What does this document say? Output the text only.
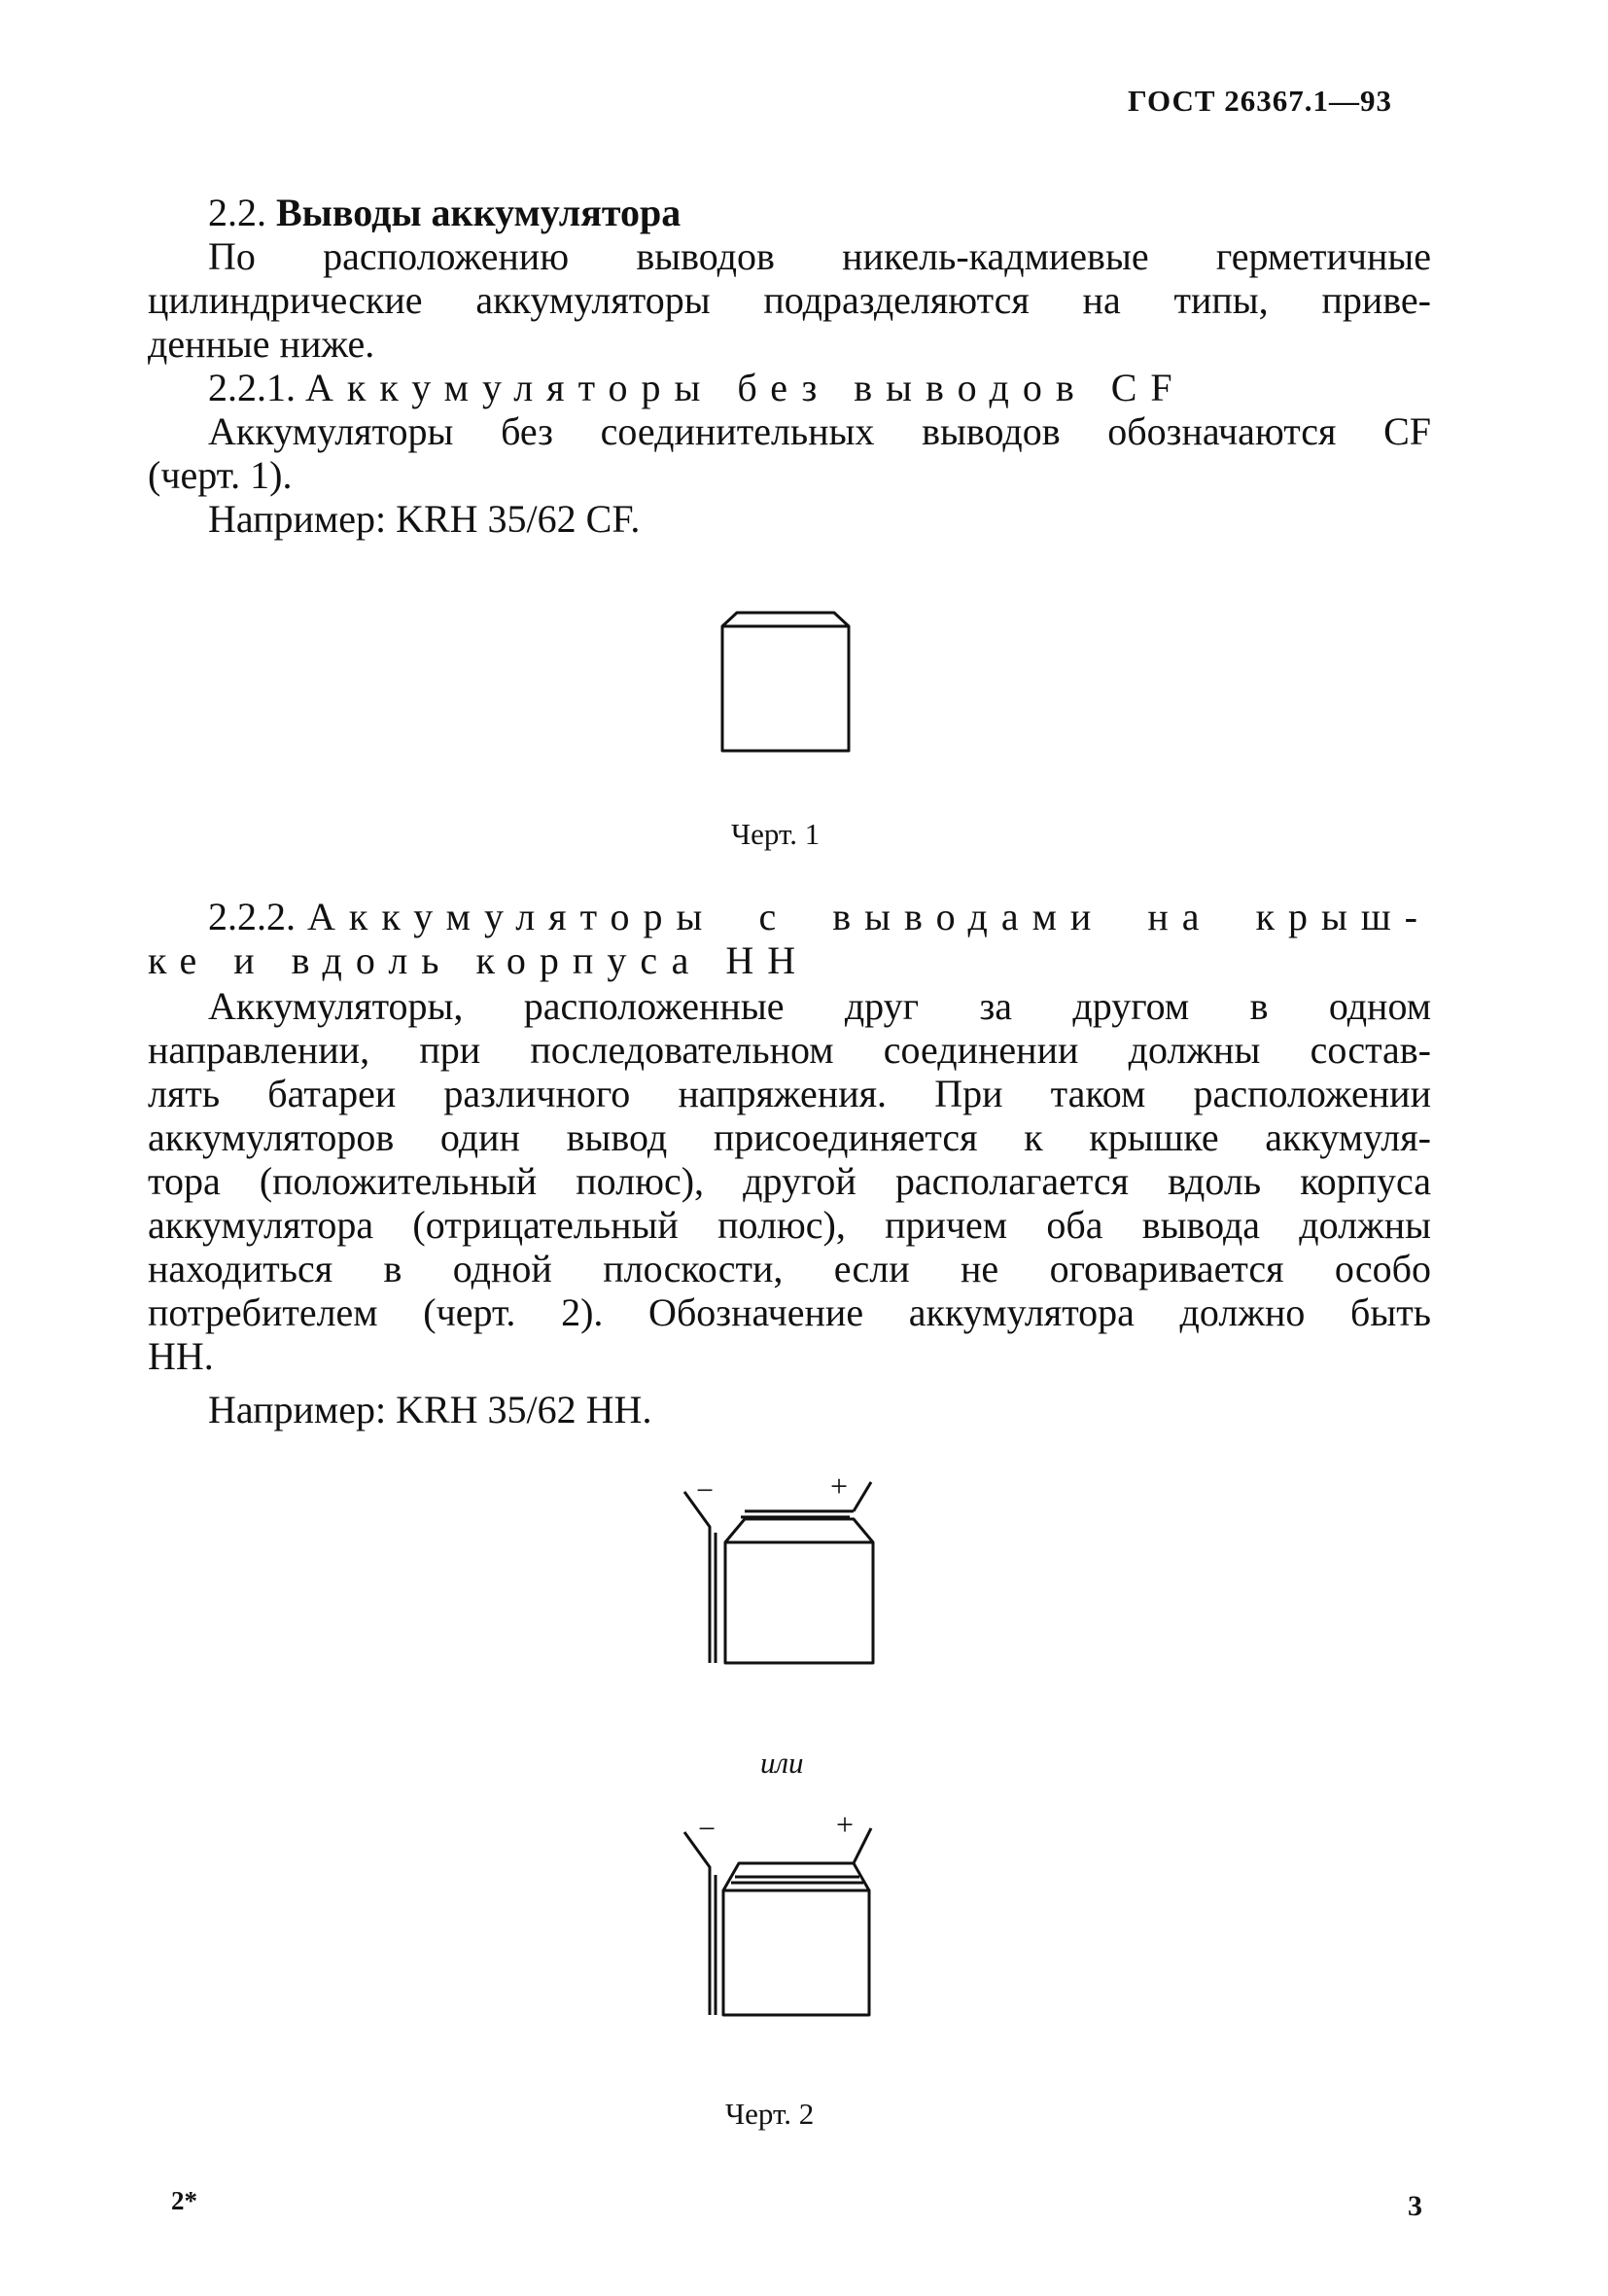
ГОСТ 26367.1—93
2.2. Выводы аккумулятора
По расположению выводов никель-кадмиевые герметичные
цилиндрические аккумуляторы подразделяются на типы, приве-
денные ниже.
2.2.1. Аккумуляторы без выводов CF
Аккумуляторы без соединительных выводов обозначаются CF
(черт. 1).
Например: KRH 35/62 CF.
Черт. 1
2.2.2. Аккумуляторы с выводами на крыш-
ке и вдоль корпуса HH
Аккумуляторы, расположенные друг за другом в одном
направлении, при последовательном соединении должны состав-
лять батареи различного напряжения. При таком расположении
аккумуляторов один вывод присоединяется к крышке аккумуля-
тора (положительный полюс), другой располагается вдоль корпуса
аккумулятора (отрицательный полюс), причем оба вывода должны
находиться в одной плоскости, если не оговаривается особо
потребителем (черт. 2). Обозначение аккумулятора должно быть
HH.
Например: KRH 35/62 HH.
−	+
или
−	+
Черт. 2
2*	3
